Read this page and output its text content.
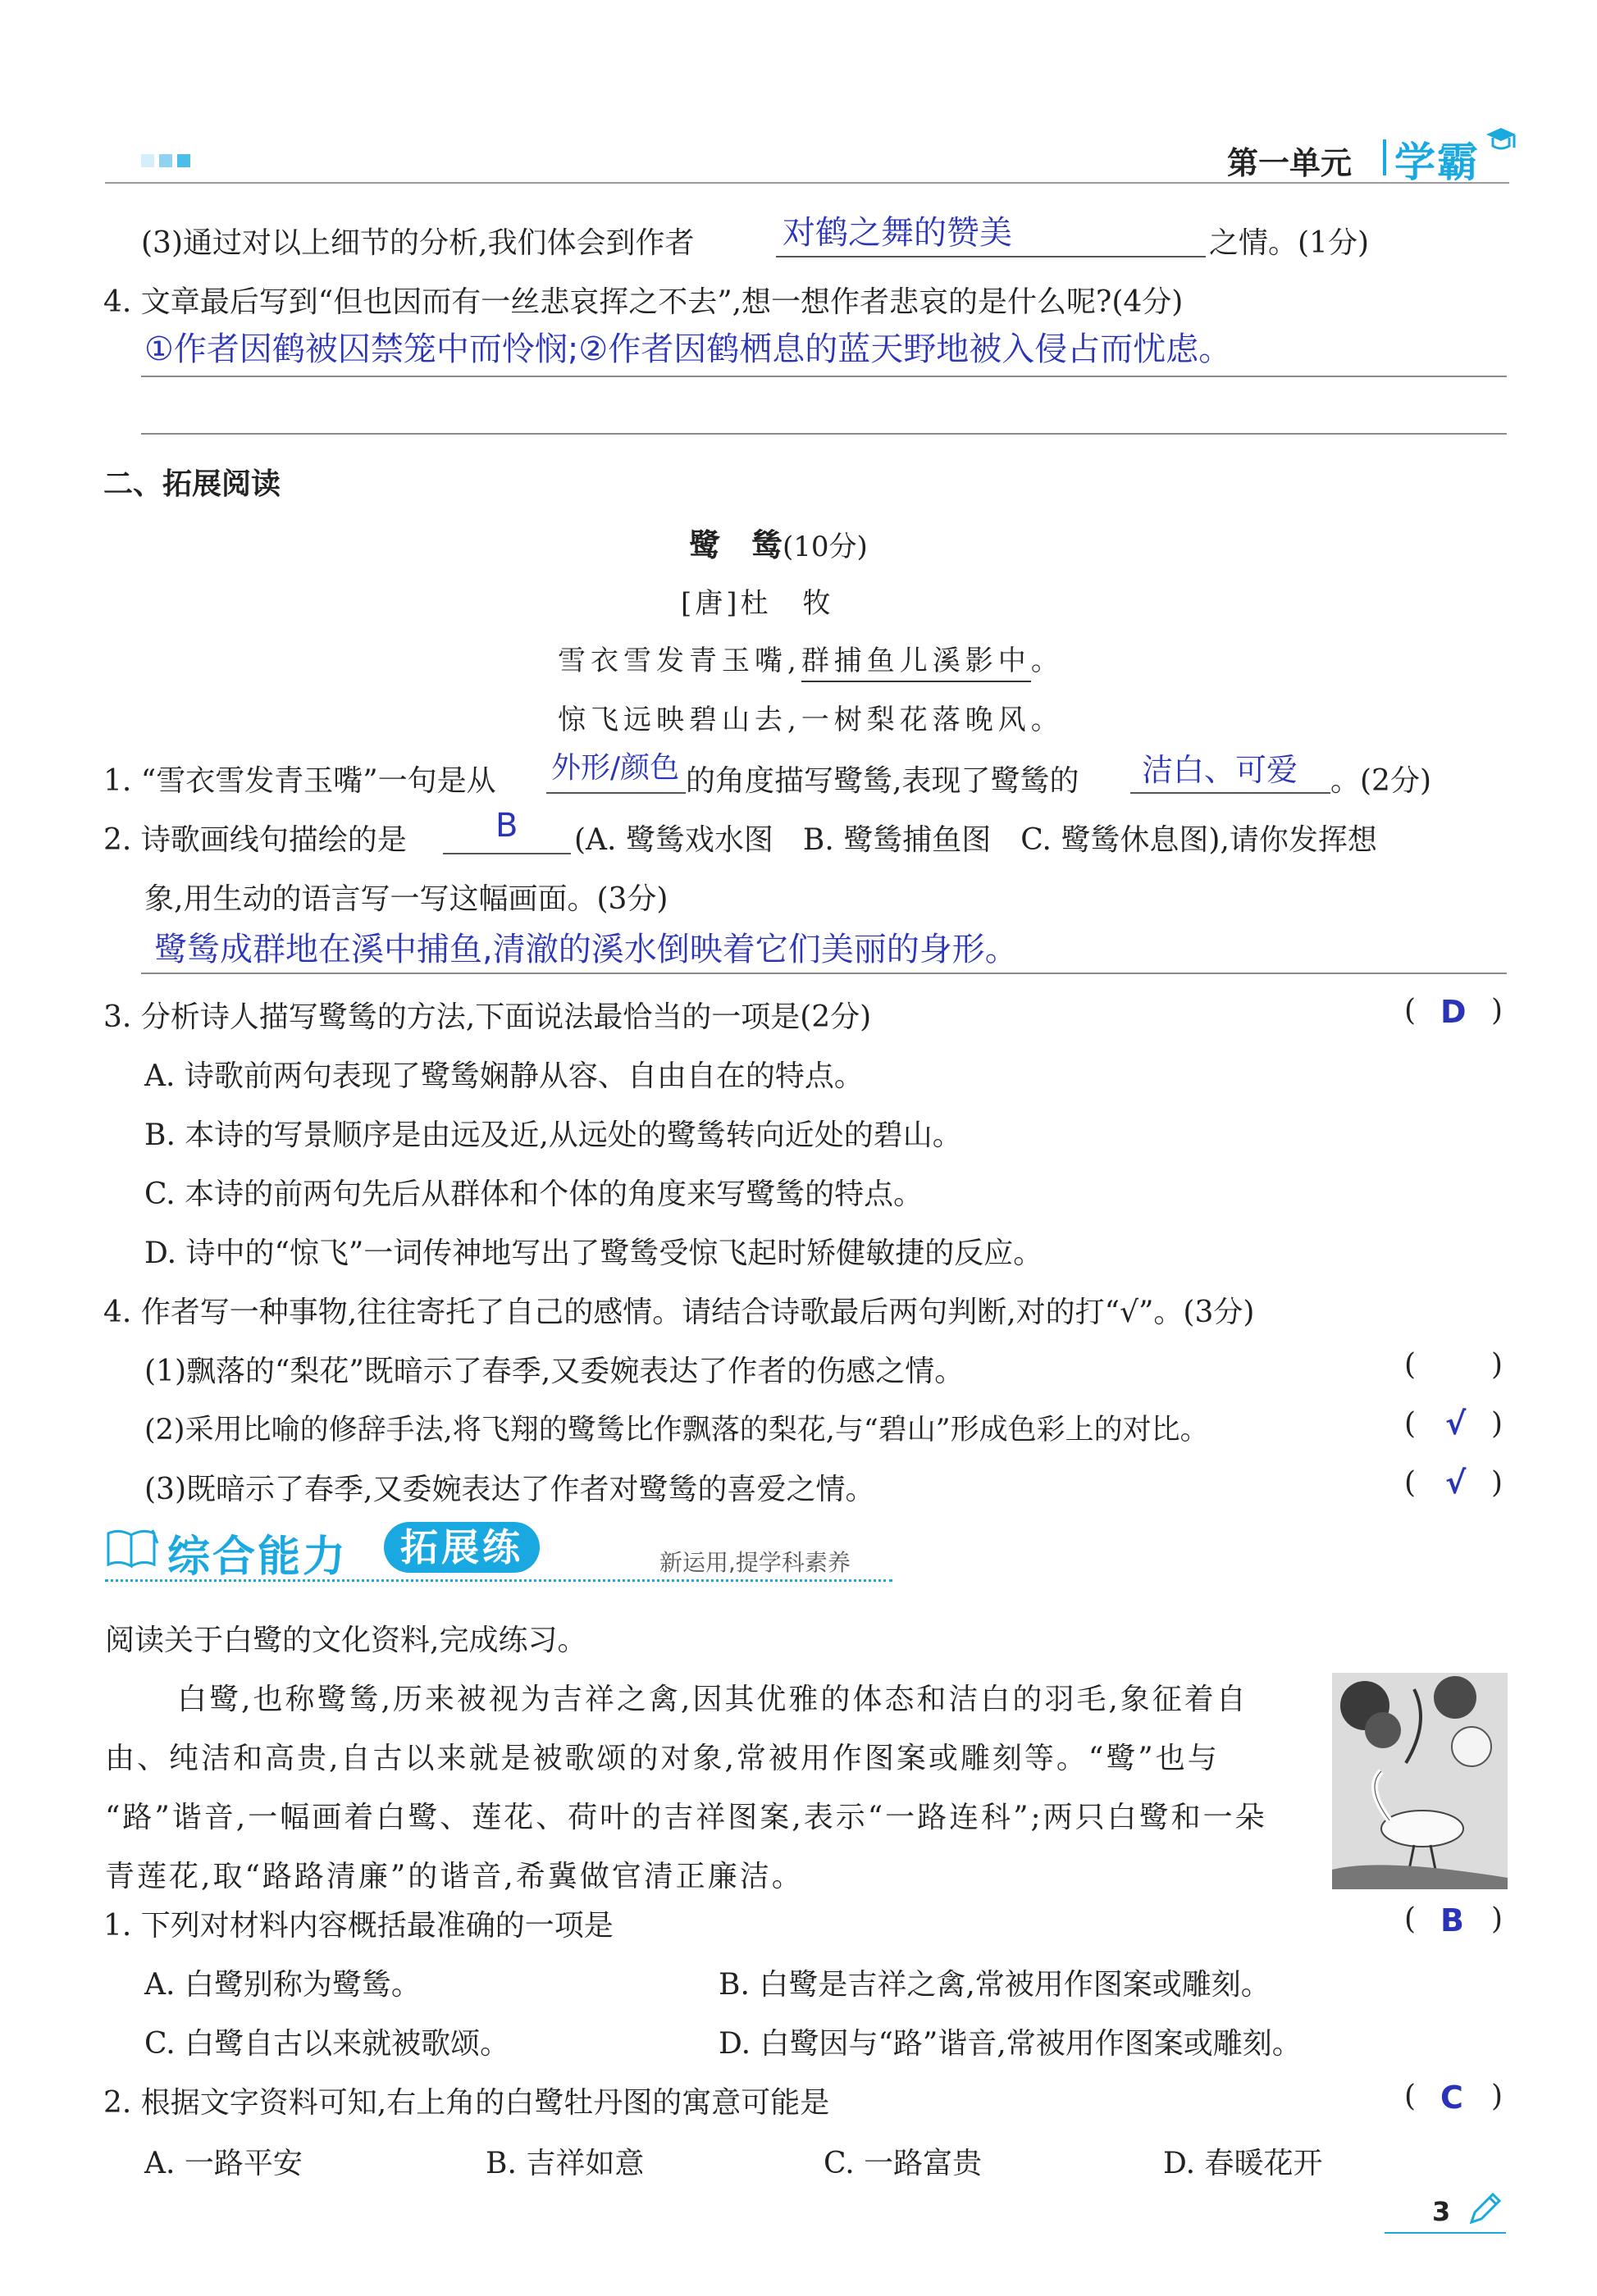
第一单元 学霸
(3)通过对以上细节的分析,我们体会到作者	对鹤之舞的赞美	之情。(1分)
4. 文章最后写到“但也因而有一丝悲哀挥之不去”,想一想作者悲哀的是什么呢?(4分)
①作者因鹤被囚禁笼中而怜悯;②作者因鹤栖息的蓝天野地被入侵占而忧虑。
二、拓展阅读
鹭　鸶(10分)
[唐]杜　牧
雪衣雪发青玉嘴,群捕鱼儿溪影中。
惊飞远映碧山去,一树梨花落晚风。
1. “雪衣雪发青玉嘴”一句是从 外形/颜色 的角度描写鹭鸶,表现了鹭鸶的 洁白、可爱 。(2分)
2. 诗歌画线句描绘的是	B (A. 鹭鸶戏水图　B. 鹭鸶捕鱼图　C. 鹭鸶休息图),请你发挥想
象,用生动的语言写一写这幅画面。(3分)
鹭鸶成群地在溪中捕鱼,清澈的溪水倒映着它们美丽的身形。
3. 分析诗人描写鹭鸶的方法,下面说法最恰当的一项是(2分)	( D )
A. 诗歌前两句表现了鹭鸶娴静从容、自由自在的特点。
B. 本诗的写景顺序是由远及近,从远处的鹭鸶转向近处的碧山。
C. 本诗的前两句先后从群体和个体的角度来写鹭鸶的特点。
D. 诗中的“惊飞”一词传神地写出了鹭鸶受惊飞起时矫健敏捷的反应。
4. 作者写一种事物,往往寄托了自己的感情。请结合诗歌最后两句判断,对的打“√”。(3分)
(1)飘落的“梨花”既暗示了春季,又委婉表达了作者的伤感之情。	(	)
(2)采用比喻的修辞手法,将飞翔的鹭鸶比作飘落的梨花,与“碧山”形成色彩上的对比。	( √ )
(3)既暗示了春季,又委婉表达了作者对鹭鸶的喜爱之情。	( √ )
综合能力	拓展练	新运用,提学科素养
阅读关于白鹭的文化资料,完成练习。
白鹭,也称鹭鸶,历来被视为吉祥之禽,因其优雅的体态和洁白的羽毛,象征着自
由、纯洁和高贵,自古以来就是被歌颂的对象,常被用作图案或雕刻等。“鹭”也与
“路”谐音,一幅画着白鹭、莲花、荷叶的吉祥图案,表示“一路连科”;两只白鹭和一朵
青莲花,取“路路清廉”的谐音,希冀做官清正廉洁。
1. 下列对材料内容概括最准确的一项是	( B )
A. 白鹭别称为鹭鸶。	B. 白鹭是吉祥之禽,常被用作图案或雕刻。
C. 白鹭自古以来就被歌颂。	D. 白鹭因与“路”谐音,常被用作图案或雕刻。
2. 根据文字资料可知,右上角的白鹭牡丹图的寓意可能是	( C )
A. 一路平安	B. 吉祥如意	C. 一路富贵	D. 春暖花开
3
